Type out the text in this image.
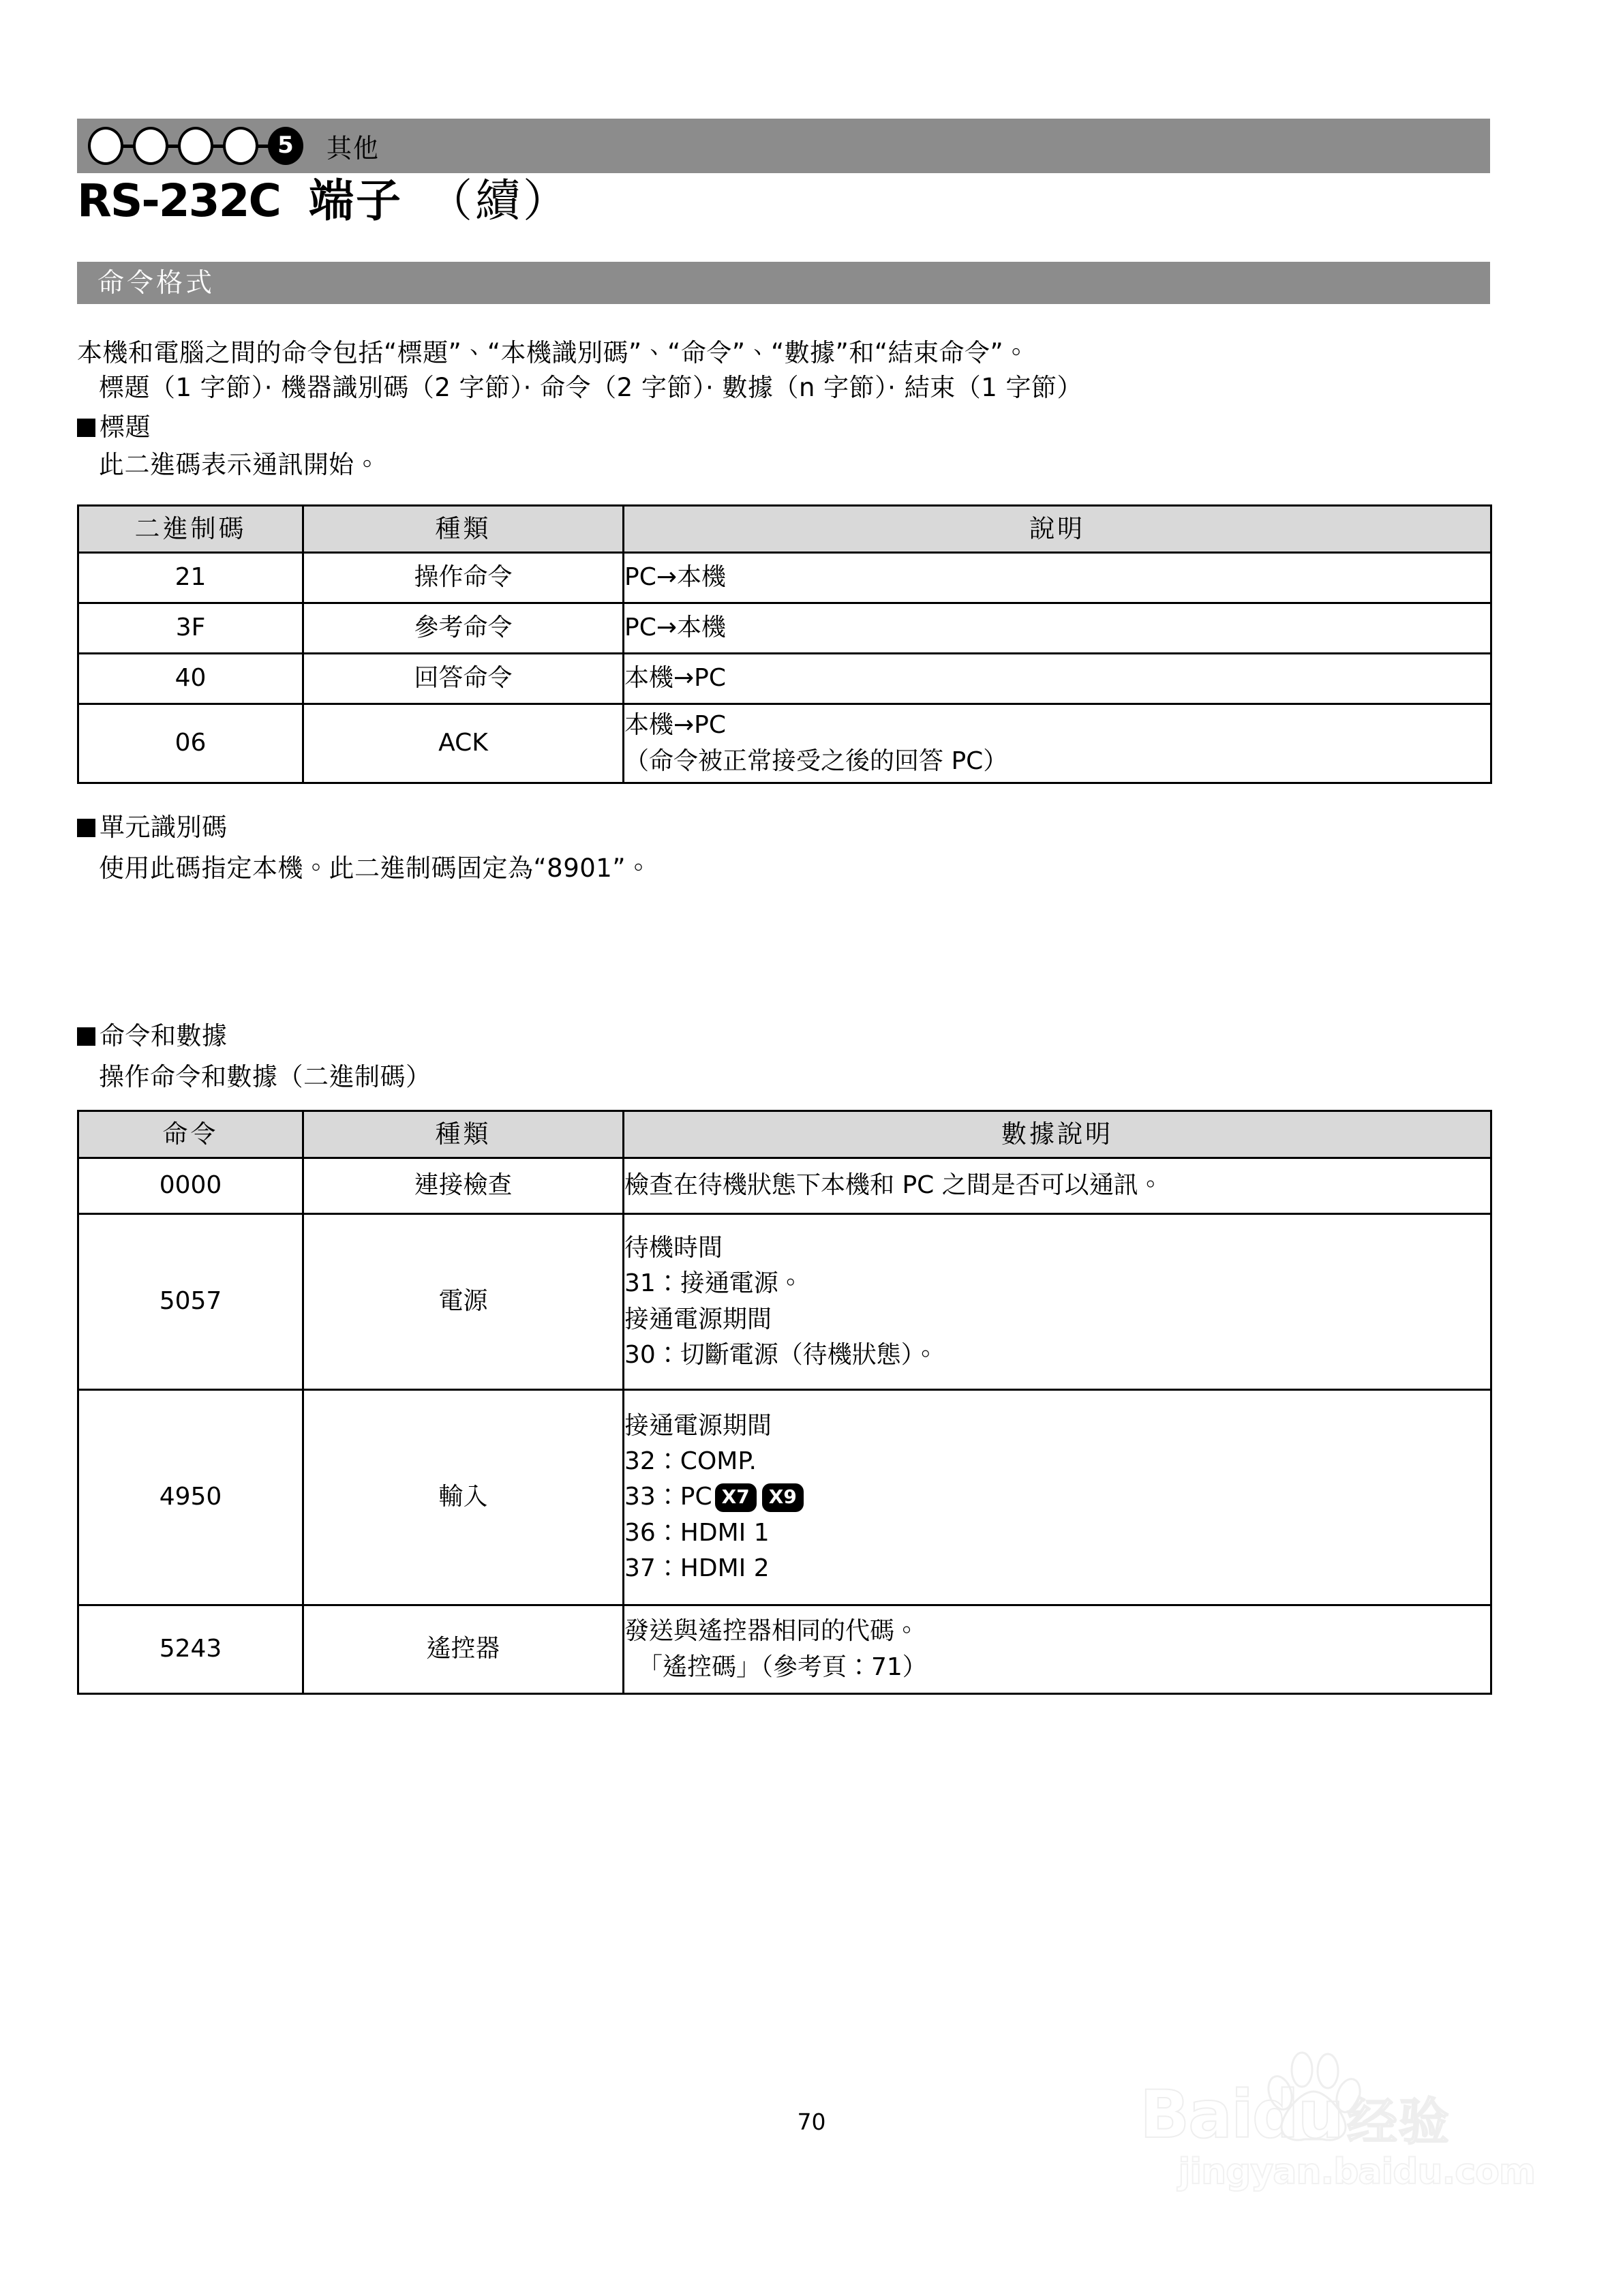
5	其他
RS-232C 端子 （續）
命令格式
本機和電腦之間的命令包括“標題”、“本機識別碼”、“命令”、“數據”和“結束命令”。
標題（1 字節）· 機器識別碼（2 字節）· 命令（2 字節）· 數據（n 字節）· 結束（1 字節）
標題
此二進碼表示通訊開始。
二進制碼	種類	說明
21	操作命令	PC→本機
3F	參考命令	PC→本機
40	回答命令	本機→PC
06	ACK	本機→PC
（命令被正常接受之後的回答 PC）
單元識別碼
使用此碼指定本機。此二進制碼固定為“8901”。
命令和數據
操作命令和數據（二進制碼）
命令	種類	數據說明
0000	連接檢查	檢查在待機狀態下本機和 PC 之間是否可以通訊。

5057	電源	待機時間
31：接通電源。
接通電源期間
30：切斷電源（待機狀態）。

4950	輸入	接通電源期間
32：COMP.
33：PC X7 X9
36：HDMI 1
37：HDMI 2

5243	遙控器	發送與遙控器相同的代碼。
「遙控碼」（參考頁：71）
70	Baidu 经验
jingyan.baidu.com
